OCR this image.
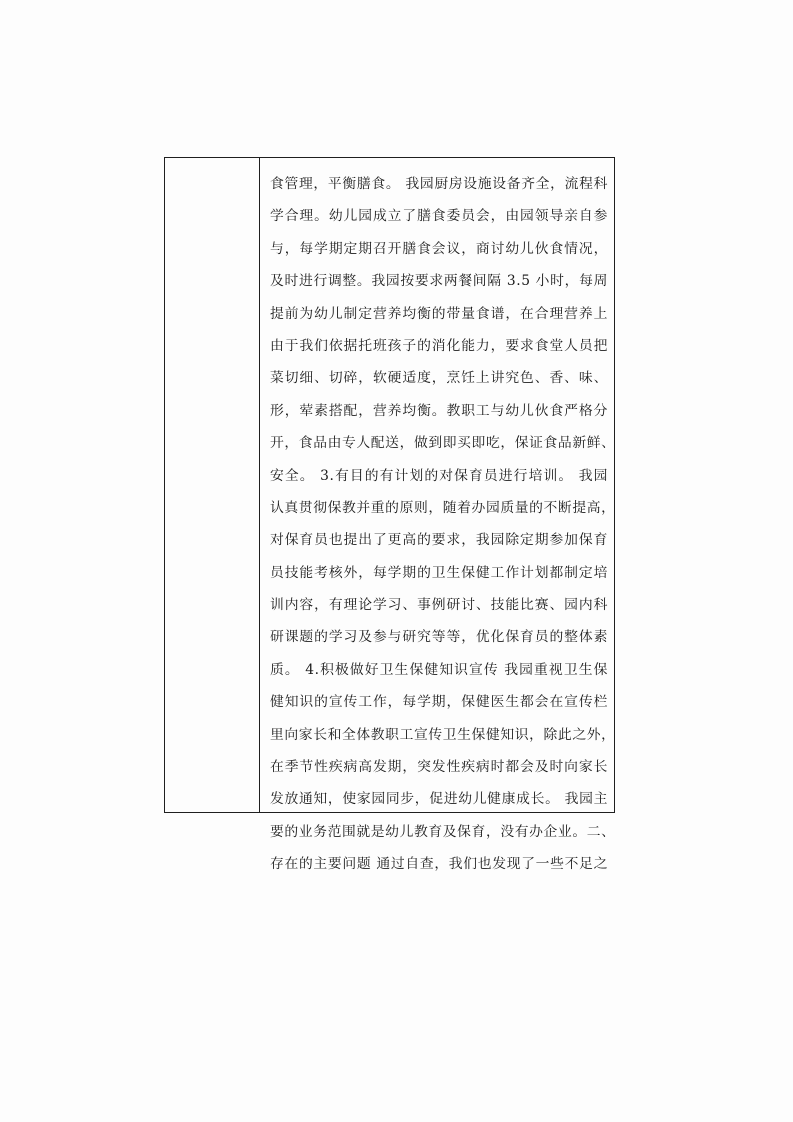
食管理，平衡膳食。 我园厨房设施设备齐全，流程科
学合理。幼儿园成立了膳食委员会，由园领导亲自参
与，每学期定期召开膳食会议，商讨幼儿伙食情况，
及时进行调整。我园按要求两餐间隔 3.5 小时，每周
提前为幼儿制定营养均衡的带量食谱，在合理营养上
由于我们依据托班孩子的消化能力，要求食堂人员把
菜切细、切碎，软硬适度，烹饪上讲究色、香、味、
形，荤素搭配，营养均衡。教职工与幼儿伙食严格分
开，食品由专人配送，做到即买即吃，保证食品新鲜、
安全。 3.有目的有计划的对保育员进行培训。 我园
认真贯彻保教并重的原则，随着办园质量的不断提高，
对保育员也提出了更高的要求，我园除定期参加保育
员技能考核外，每学期的卫生保健工作计划都制定培
训内容，有理论学习、事例研讨、技能比赛、园内科
研课题的学习及参与研究等等，优化保育员的整体素
质。 4.积极做好卫生保健知识宣传 我园重视卫生保
健知识的宣传工作，每学期，保健医生都会在宣传栏
里向家长和全体教职工宣传卫生保健知识，除此之外，
在季节性疾病高发期，突发性疾病时都会及时向家长
发放通知，使家园同步，促进幼儿健康成长。 我园主
要的业务范围就是幼儿教育及保育，没有办企业。二、
存在的主要问题 通过自查，我们也发现了一些不足之
